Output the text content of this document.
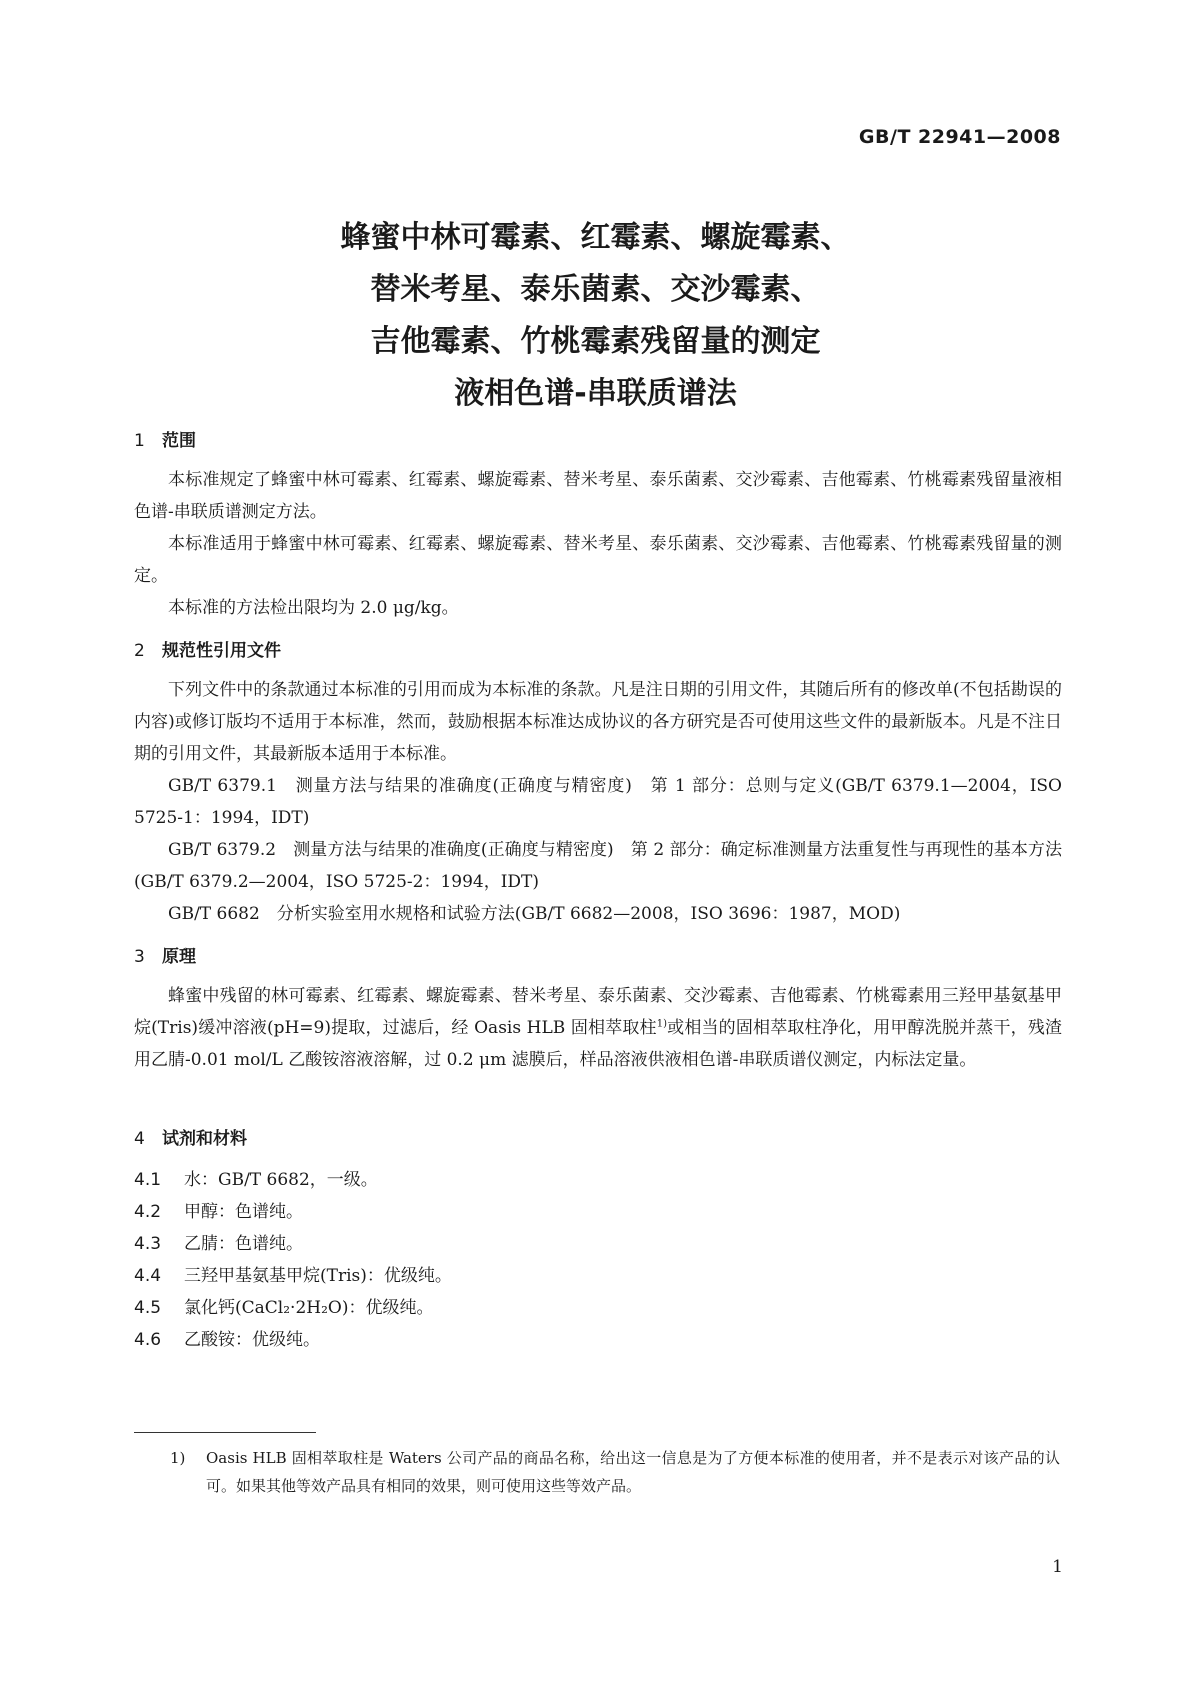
GB/T 22941—2008
蜂蜜中林可霉素、红霉素、螺旋霉素、
替米考星、泰乐菌素、交沙霉素、
吉他霉素、竹桃霉素残留量的测定
液相色谱-串联质谱法
1 范围

本标准规定了蜂蜜中林可霉素、红霉素、螺旋霉素、替米考星、泰乐菌素、交沙霉素、吉他霉素、竹桃霉素残留量液相色谱-串联质谱测定方法。

本标准适用于蜂蜜中林可霉素、红霉素、螺旋霉素、替米考星、泰乐菌素、交沙霉素、吉他霉素、竹桃霉素残留量的测定。

本标准的方法检出限均为 2.0 μg/kg。

2 规范性引用文件

下列文件中的条款通过本标准的引用而成为本标准的条款。凡是注日期的引用文件，其随后所有的修改单(不包括勘误的内容)或修订版均不适用于本标准，然而，鼓励根据本标准达成协议的各方研究是否可使用这些文件的最新版本。凡是不注日期的引用文件，其最新版本适用于本标准。

GB/T 6379.1　测量方法与结果的准确度(正确度与精密度)　第 1 部分：总则与定义(GB/T 6379.1—2004，ISO 5725-1：1994，IDT)

GB/T 6379.2　测量方法与结果的准确度(正确度与精密度)　第 2 部分：确定标准测量方法重复性与再现性的基本方法(GB/T 6379.2—2004，ISO 5725-2：1994，IDT)

GB/T 6682　分析实验室用水规格和试验方法(GB/T 6682—2008，ISO 3696：1987，MOD)

3 原理

蜂蜜中残留的林可霉素、红霉素、螺旋霉素、替米考星、泰乐菌素、交沙霉素、吉他霉素、竹桃霉素用三羟甲基氨基甲烷(Tris)缓冲溶液(pH=9)提取，过滤后，经 Oasis HLB 固相萃取柱$^{1)}$或相当的固相萃取柱净化，用甲醇洗脱并蒸干，残渣用乙腈-0.01 mol/L 乙酸铵溶液溶解，过 0.2 μm 滤膜后，样品溶液供液相色谱-串联质谱仪测定，内标法定量。

4 试剂和材料
4.1 水：GB/T 6682，一级。
4.2 甲醇：色谱纯。
4.3 乙腈：色谱纯。
4.4 三羟甲基氨基甲烷(Tris)：优级纯。
4.5 氯化钙(CaCl₂·2H₂O)：优级纯。
4.6 乙酸铵：优级纯。
1) Oasis HLB 固相萃取柱是 Waters 公司产品的商品名称，给出这一信息是为了方便本标准的使用者，并不是表示对该产品的认可。如果其他等效产品具有相同的效果，则可使用这些等效产品。
1
